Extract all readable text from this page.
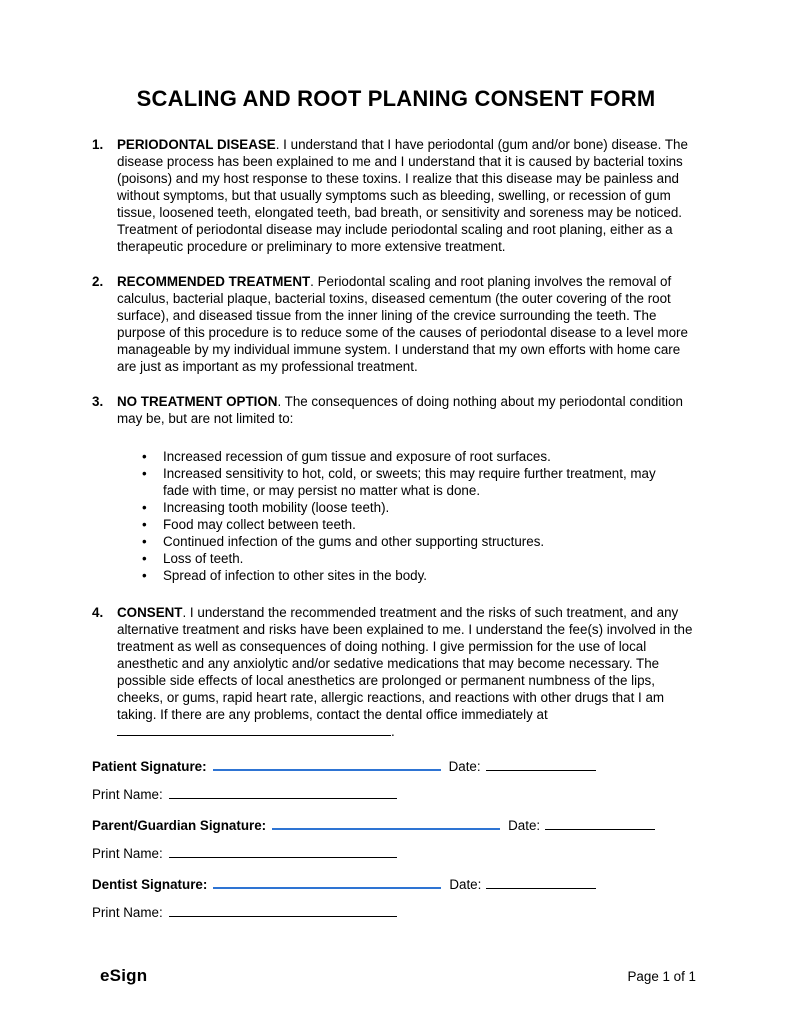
SCALING AND ROOT PLANING CONSENT FORM
1.	PERIODONTAL DISEASE. I understand that I have periodontal (gum and/or bone) disease. The disease process has been explained to me and I understand that it is caused by bacterial toxins (poisons) and my host response to these toxins. I realize that this disease may be painless and without symptoms, but that usually symptoms such as bleeding, swelling, or recession of gum tissue, loosened teeth, elongated teeth, bad breath, or sensitivity and soreness may be noticed. Treatment of periodontal disease may include periodontal scaling and root planing, either as a therapeutic procedure or preliminary to more extensive treatment.
2.	RECOMMENDED TREATMENT. Periodontal scaling and root planing involves the removal of calculus, bacterial plaque, bacterial toxins, diseased cementum (the outer covering of the root surface), and diseased tissue from the inner lining of the crevice surrounding the teeth. The purpose of this procedure is to reduce some of the causes of periodontal disease to a level more manageable by my individual immune system. I understand that my own efforts with home care are just as important as my professional treatment.
3.	NO TREATMENT OPTION. The consequences of doing nothing about my periodontal condition may be, but are not limited to:
• Increased recession of gum tissue and exposure of root surfaces.
• Increased sensitivity to hot, cold, or sweets; this may require further treatment, may fade with time, or may persist no matter what is done.
• Increasing tooth mobility (loose teeth).
• Food may collect between teeth.
• Continued infection of the gums and other supporting structures.
• Loss of teeth.
• Spread of infection to other sites in the body.
4.	CONSENT. I understand the recommended treatment and the risks of such treatment, and any alternative treatment and risks have been explained to me. I understand the fee(s) involved in the treatment as well as consequences of doing nothing. I give permission for the use of local anesthetic and any anxiolytic and/or sedative medications that may become necessary. The possible side effects of local anesthetics are prolonged or permanent numbness of the lips, cheeks, or gums, rapid heart rate, allergic reactions, and reactions with other drugs that I am taking. If there are any problems, contact the dental office immediately at .
Patient Signature:	Date:
Print Name:
Parent/Guardian Signature:	Date:
Print Name:
Dentist Signature:	Date:
Print Name:
eSign	Page 1 of 1
